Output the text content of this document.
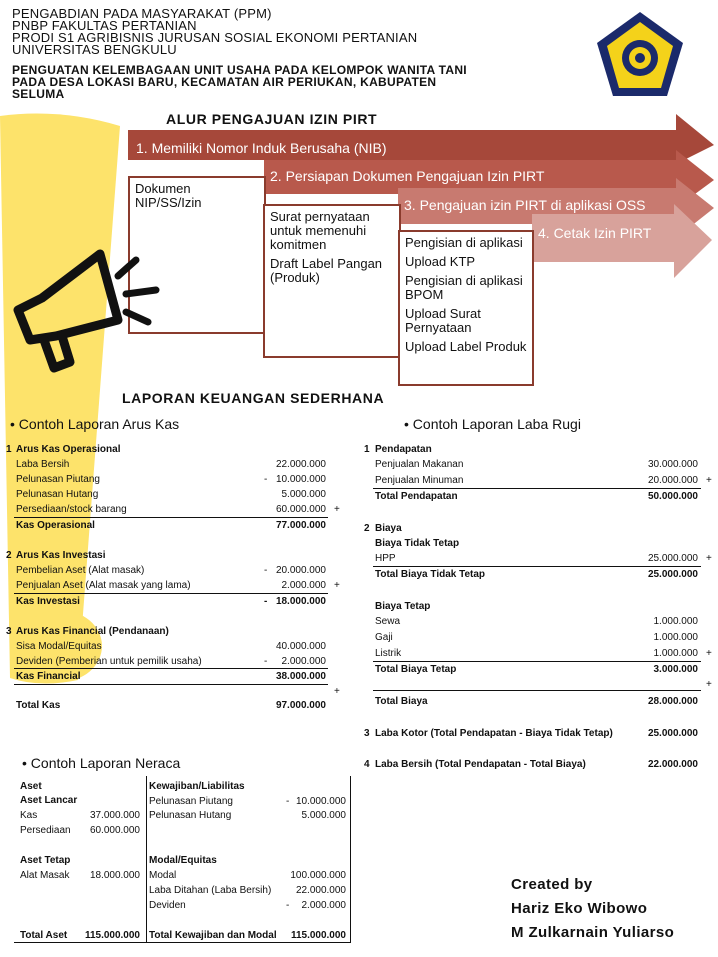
PENGABDIAN PADA MASYARAKAT (PPM)
PNBP FAKULTAS PERTANIAN
PRODI S1 AGRIBISNIS JURUSAN SOSIAL EKONOMI PERTANIAN
UNIVERSITAS BENGKULU
PENGUATAN KELEMBAGAAN UNIT USAHA PADA KELOMPOK WANITA TANI
PADA DESA LOKASI BARU, KECAMATAN AIR PERIUKAN, KABUPATEN
SELUMA
ALUR PENGAJUAN IZIN PIRT
1. Memiliki Nomor Induk Berusaha (NIB)
2. Persiapan Dokumen Pengajuan Izin PIRT
3. Pengajuan izin PIRT di aplikasi OSS
4. Cetak Izin PIRT
Dokumen
NIP/SS/Izin
Surat pernyataan untuk memenuhi komitmen
Draft Label Pangan (Produk)
Pengisian di aplikasi
Upload KTP
Pengisian di aplikasi BPOM
Upload Surat Pernyataan
Upload Label Produk
LAPORAN KEUANGAN SEDERHANA
• Contoh Laporan Arus Kas	• Contoh Laporan Laba Rugi
1 Arus Kas Operasional
Laba Bersih	22.000.000
Pelunasan Piutang	- 10.000.000
Pelunasan Hutang	5.000.000
Persediaan/stock barang	60.000.000 +
Kas Operasional	77.000.000
2 Arus Kas Investasi
Pembelian Aset (Alat masak)	- 20.000.000
Penjualan Aset (Alat masak yang lama)	2.000.000 +
Kas Investasi	- 18.000.000
3 Arus Kas Financial (Pendanaan)
Sisa Modal/Equitas	40.000.000
Deviden (Pemberian untuk pemilik usaha)	- 2.000.000
Kas Financial	38.000.000
+
Total Kas	97.000.000
1 Pendapatan
Penjualan Makanan	30.000.000
Penjualan Minuman	20.000.000 +
Total Pendapatan	50.000.000
2 Biaya
Biaya Tidak Tetap
HPP	25.000.000 +
Total Biaya Tidak Tetap	25.000.000
Biaya Tetap
Sewa	1.000.000
Gaji	1.000.000
Listrik	1.000.000 +
Total Biaya Tetap	3.000.000
+
Total Biaya	28.000.000
3 Laba Kotor (Total Pendapatan - Biaya Tidak Tetap)	25.000.000
4 Laba Bersih (Total Pendapatan - Total Biaya)	22.000.000
• Contoh Laporan Neraca
Aset
Aset Lancar
Kas	37.000.000
Persediaan 60.000.000
Aset Tetap
Alat Masak 18.000.000
Total Aset 115.000.000
Kewajiban/Liabilitas
Pelunasan Piutang	- 10.000.000
Pelunasan Hutang	5.000.000
Modal/Equitas
Modal	100.000.000
Laba Ditahan (Laba Bersih) 22.000.000
Deviden	- 2.000.000
Total Kewajiban dan Modal 115.000.000
Created by
Hariz Eko Wibowo
M Zulkarnain Yuliarso
